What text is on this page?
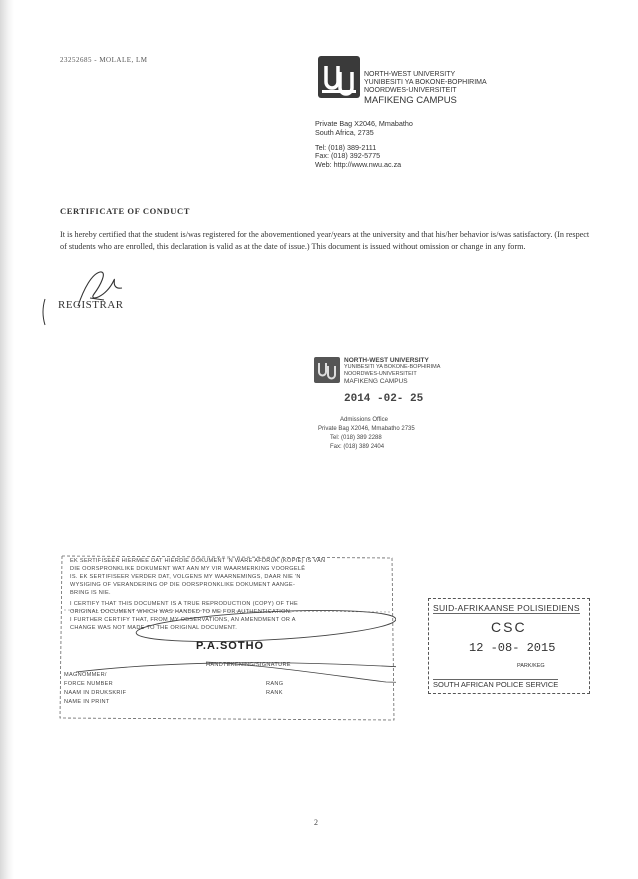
23252685 - MOLALE, LM
NORTH-WEST UNIVERSITY
YUNIBESITI YA BOKONE-BOPHIRIMA
NOORDWES-UNIVERSITEIT
MAFIKENG CAMPUS
Private Bag X2046, Mmabatho
South Africa, 2735
Tel: (018) 389-2111
Fax: (018) 392-5775
Web: http://www.nwu.ac.za
CERTIFICATE OF CONDUCT
It is hereby certified that the student is/was registered for the abovementioned year/years at the university and that his/her behavior is/was satisfactory. (In respect of students who are enrolled, this declaration is valid as at the date of issue.) This document is issued without omission or change in any form.
REGISTRAR
NORTH-WEST UNIVERSITY
YUNIBESITI YA BOKONE-BOPHIRIMA
NOORDWES-UNIVERSITEIT
MAFIKENG CAMPUS
2014 -02- 25
Admissions Office
Private Bag X2046, Mmabatho 2735
Tel: (018) 389 2288
Fax: (018) 389 2404
EK SERTIFISEER HIERMEE DAT HIERDIE DOKUMENT 'N WARE AFDRUK (KOPIE) IS VAN
DIE OORSPRONKLIKE DOKUMENT WAT AAN MY VIR WAARMERKING VOORGELÊ
IS. EK SERTIFISEER VERDER DAT, VOLGENS MY WAARNEMINGS, DAAR NIE 'N
WYSIGING OF VERANDERING OP DIE OORSPRONKLIKE DOKUMENT AANGE-
BRING IS NIE.
I CERTIFY THAT THIS DOCUMENT IS A TRUE REPRODUCTION (COPY) OF THE
ORIGINAL DOCUMENT WHICH WAS HANDED TO ME FOR AUTHENTICATION.
I FURTHER CERTIFY THAT, FROM MY OBSERVATIONS, AN AMENDMENT OR A
CHANGE WAS NOT MADE TO THE ORIGINAL DOCUMENT.
P.A.SOTHO
HANDTEKENING/SIGNATURE
MAGNOMMER/
FORCE NUMBER	RANG
NAAM IN DRUKSKRIF	RANK
NAME IN PRINT
SUID-AFRIKAANSE POLISIEDIENS
CSC
12 -08- 2015
PARK/KEG
SOUTH AFRICAN POLICE SERVICE
2
